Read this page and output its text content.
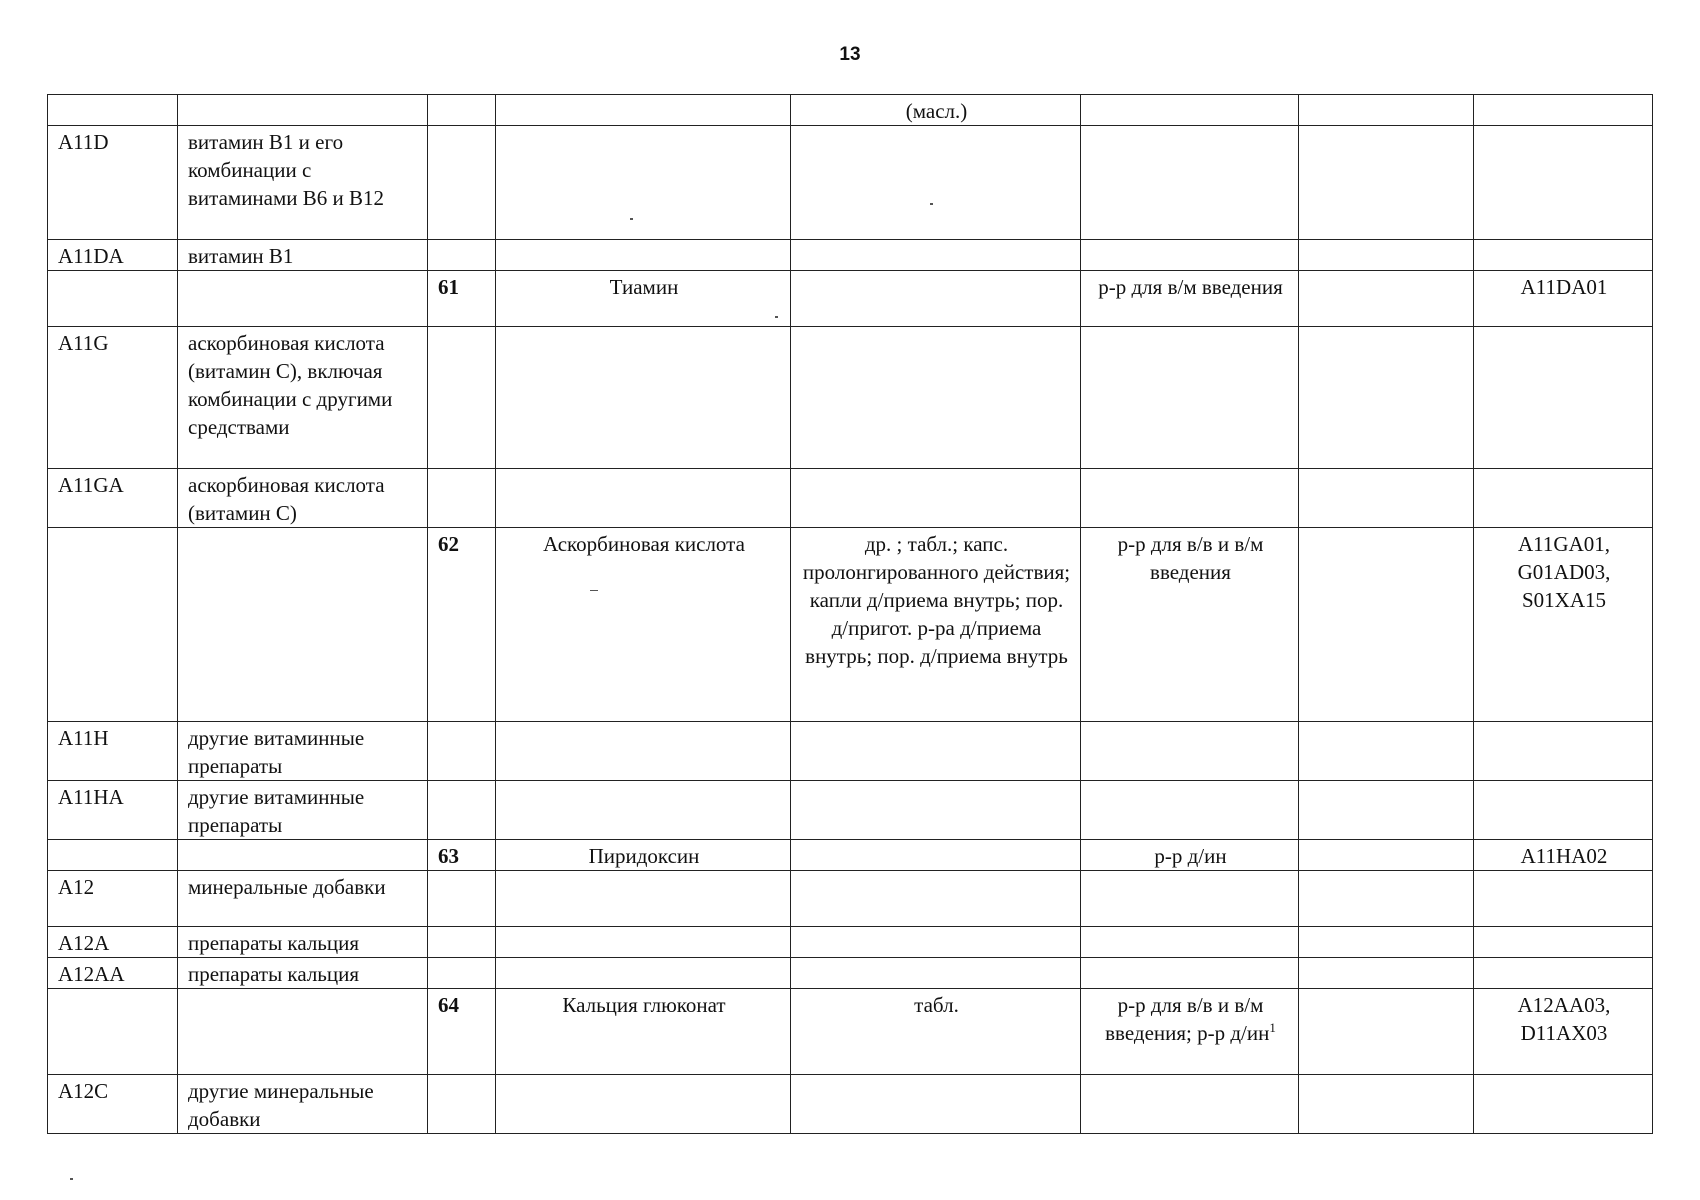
13
				(масл.)			
A11D	витамин В1 и его комбинации с витаминами В6 и В12						
A11DA	витамин В1						
		61	Тиамин		р-р для в/м введения		A11DA01
A11G	аскорбиновая кислота (витамин С), включая комбинации с другими средствами						
A11GA	аскорбиновая кислота (витамин С)						
		62	Аскорбиновая кислота	др. ; табл.; капс. пролонгированного действия; капли д/приема внутрь; пор. д/пригот. р-ра д/приема внутрь; пор. д/приема внутрь	р-р для в/в и в/м введения		A11GA01, G01AD03, S01XA15
A11H	другие витаминные препараты						
A11HA	другие витаминные препараты						
		63	Пиридоксин		р-р д/ин		A11HA02
A12	минеральные добавки						
A12A	препараты кальция						
A12AA	препараты кальция						
		64	Кальция глюконат	табл.	р-р для в/в и в/м введения; р-р $д/ин^1$		A12AA03, D11AX03
A12C	другие минеральные добавки						
